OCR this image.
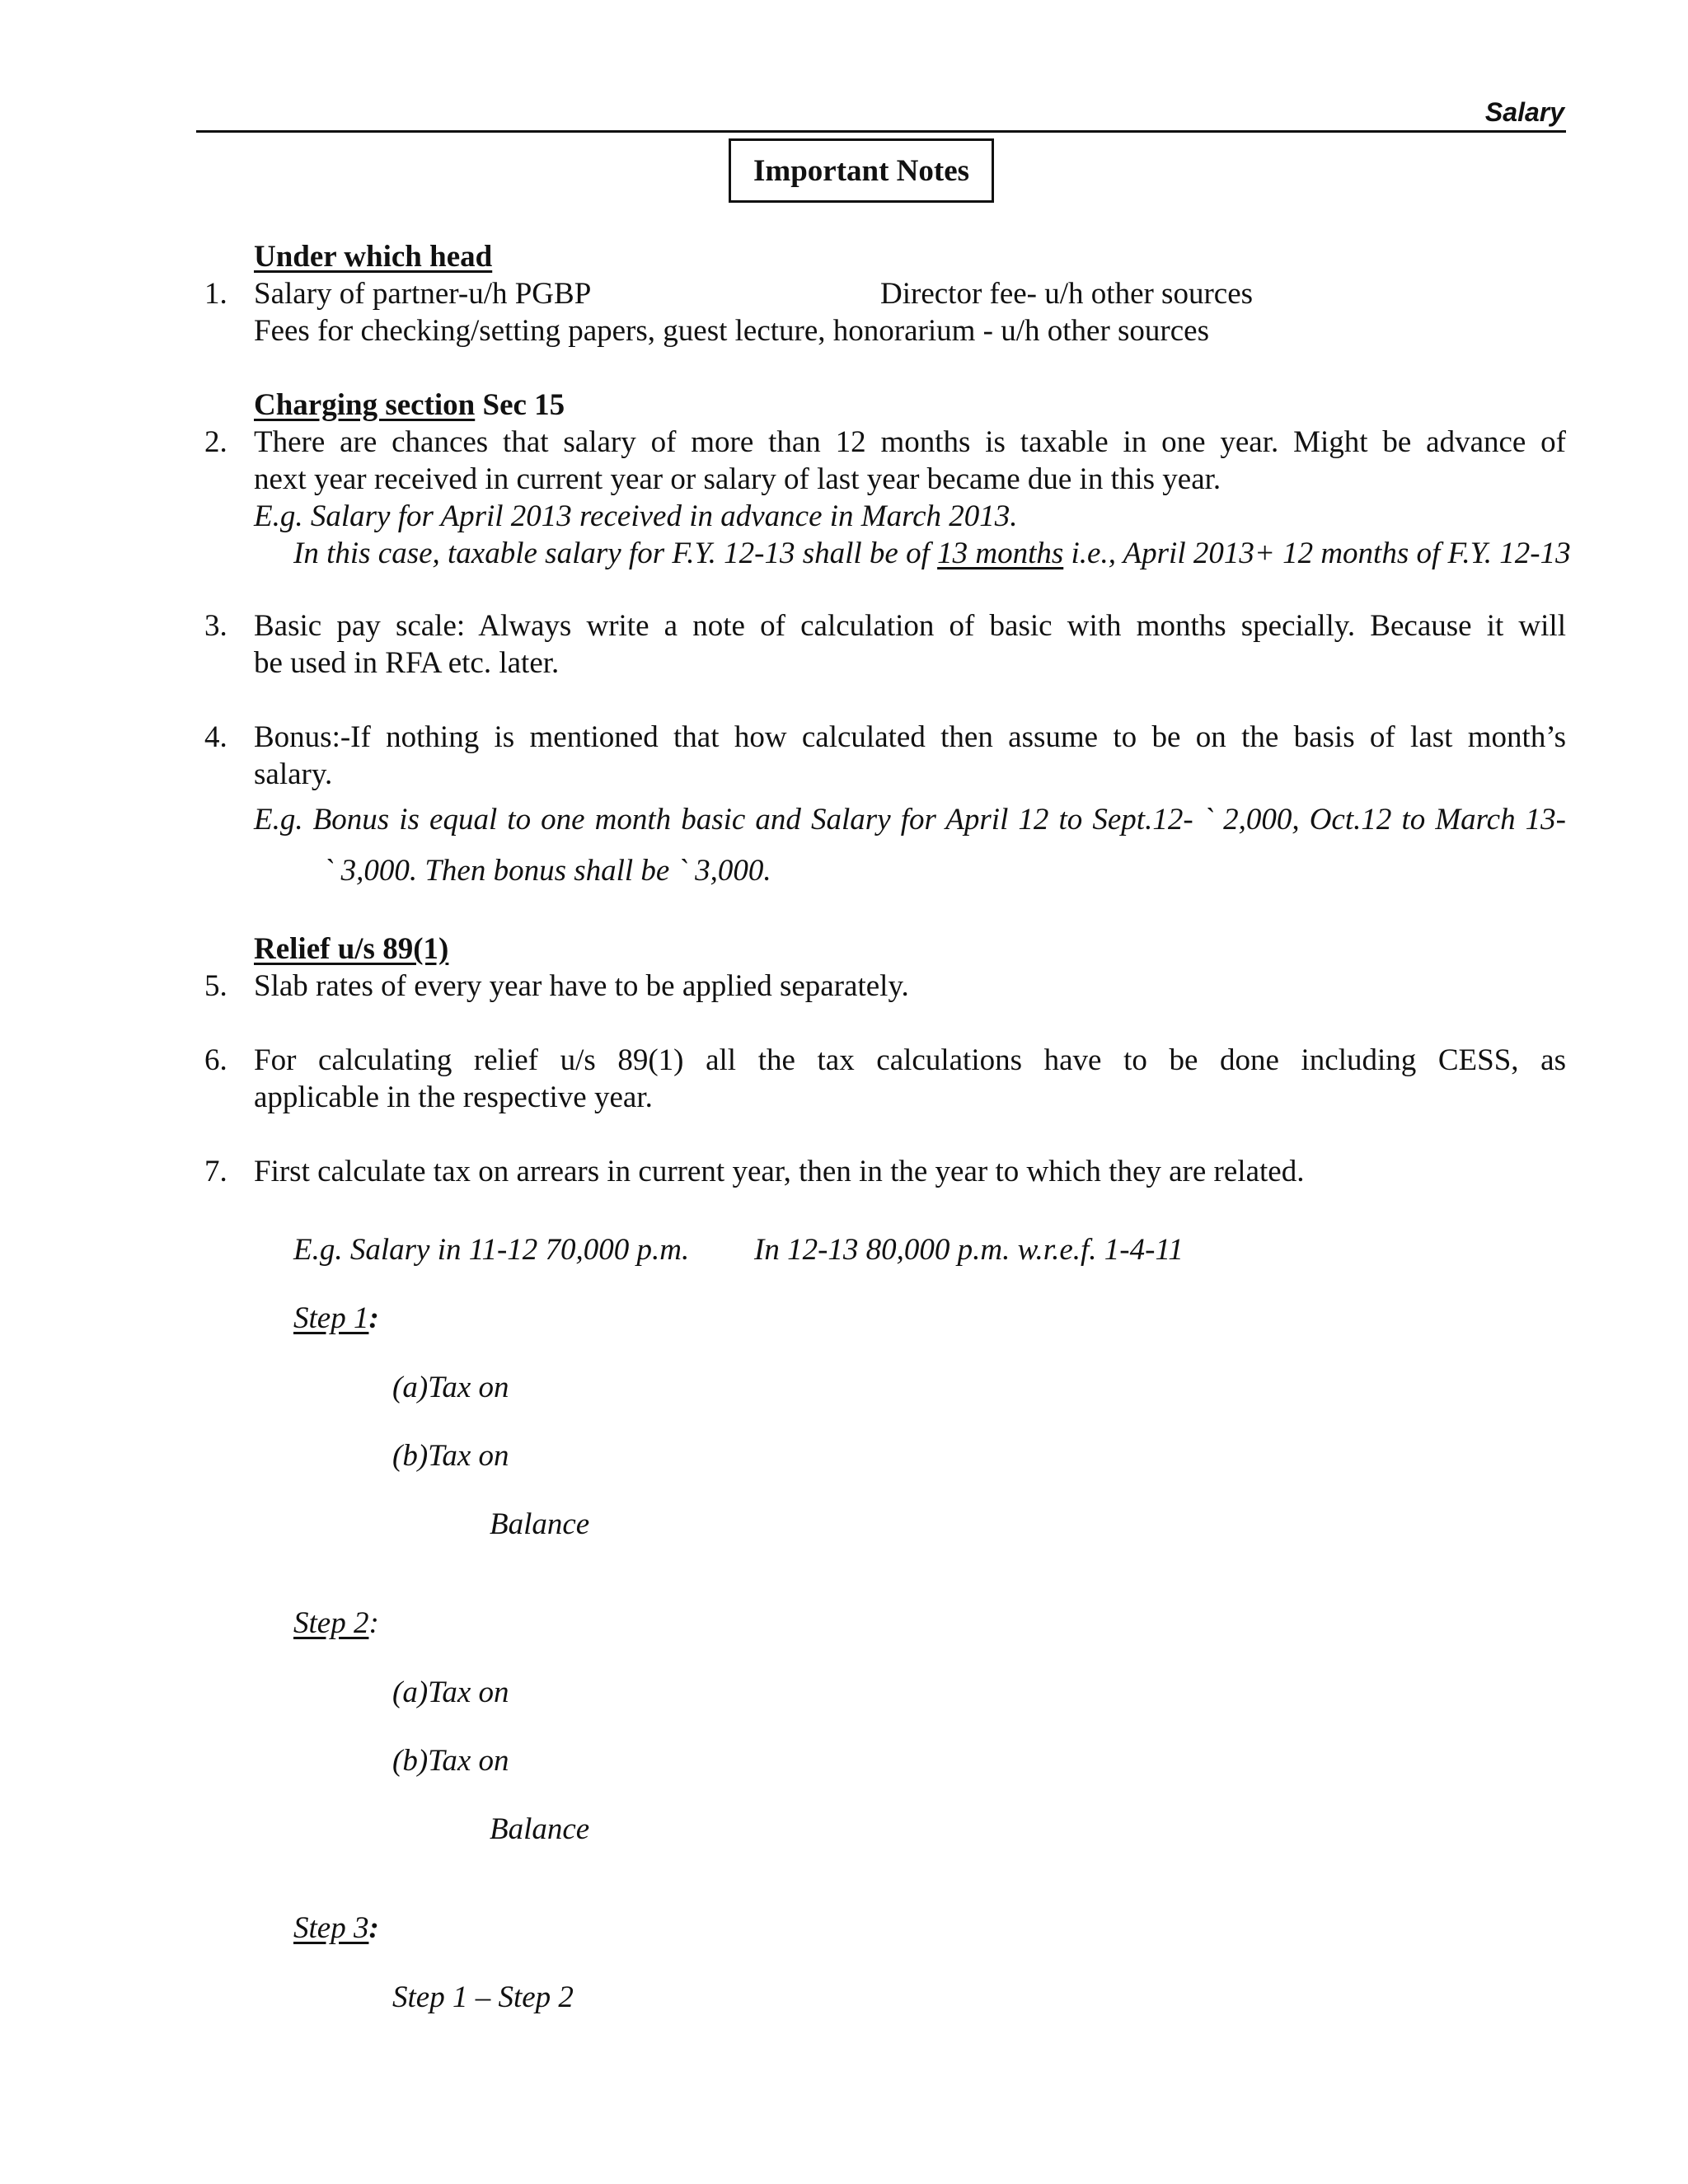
Salary
Important Notes
Under which head
1. Salary of partner-u/h PGBP	Director fee- u/h other sources
Fees for checking/setting papers, guest lecture, honorarium - u/h other sources
Charging section Sec 15
2. There are chances that salary of more than 12 months is taxable in one year. Might be advance of
next year received in current year or salary of last year became due in this year.
E.g. Salary for April 2013 received in advance in March 2013.
In this case, taxable salary for F.Y. 12-13 shall be of 13 months i.e., April 2013+ 12 months of F.Y. 12-13
3. Basic pay scale: Always write a note of calculation of basic with months specially. Because it will
be used in RFA etc. later.
4. Bonus:-If nothing is mentioned that how calculated then assume to be on the basis of last month’s
salary.
E.g. Bonus is equal to one month basic and Salary for April 12 to Sept.12- ` 2,000, Oct.12 to March 13-
` 3,000. Then bonus shall be ` 3,000.
Relief u/s 89(1)
5. Slab rates of every year have to be applied separately.
6. For calculating relief u/s 89(1) all the tax calculations have to be done including CESS, as
applicable in the respective year.
7. First calculate tax on arrears in current year, then in the year to which they are related.
E.g. Salary in 11-12 70,000 p.m. In 12-13 80,000 p.m. w.r.e.f. 1-4-11
Step 1:
(a)Tax on
(b)Tax on
Balance
Step 2:
(a)Tax on
(b)Tax on
Balance
Step 3:
Step 1 – Step 2
